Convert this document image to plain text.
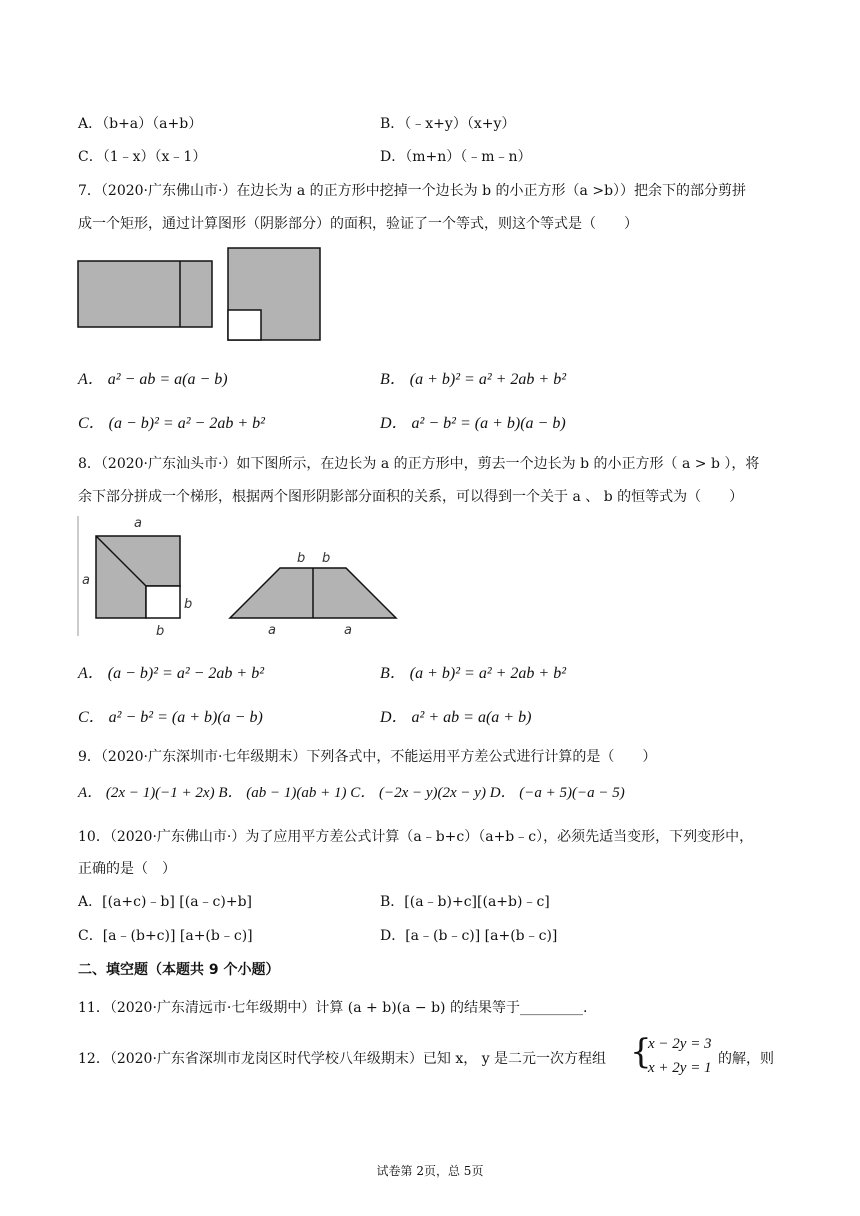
A．（b+a）（a+b）	B．（﹣x+y）（x+y）
C．（1﹣x）（x﹣1）	D．（m+n）（﹣m﹣n）
7．（2020·广东佛山市·）在边长为 a 的正方形中挖掉一个边长为 b 的小正方形（a >b））把余下的部分剪拼
成一个矩形，通过计算图形（阴影部分）的面积，验证了一个等式，则这个等式是（　　）
A． a² − ab = a(a − b)	B． (a + b)² = a² + 2ab + b²
C． (a − b)² = a² − 2ab + b²	D． a² − b² = (a + b)(a − b)
8．（2020·广东汕头市·）如下图所示，在边长为 a 的正方形中，剪去一个边长为 b 的小正方形（ a > b ），将
余下部分拼成一个梯形，根据两个图形阴影部分面积的关系，可以得到一个关于 a 、 b 的恒等式为（　　）
a
a
b
b
b b
a	a
A． (a − b)² = a² − 2ab + b²	B． (a + b)² = a² + 2ab + b²
C． a² − b² = (a + b)(a − b)	D． a² + ab = a(a + b)
9．（2020·广东深圳市·七年级期末）下列各式中，不能运用平方差公式进行计算的是（　　）
A． (2x − 1)(−1 + 2x) B． (ab − 1)(ab + 1) C． (−2x − y)(2x − y) D． (−a + 5)(−a − 5)
10．（2020·广东佛山市·）为了应用平方差公式计算（a﹣b+c）（a+b﹣c），必须先适当变形，下列变形中，
正确的是（　）
A．[(a+c)﹣b] [(a﹣c)+b]	B．[(a﹣b)+c][(a+b)﹣c]
C．[a﹣(b+c)] [a+(b﹣c)]	D．[a﹣(b﹣c)] [a+(b﹣c)]
二、填空题（本题共 9 个小题）
11．（2020·广东清远市·七年级期中）计算 (a + b)(a − b) 的结果等于_________.
12．（2020·广东省深圳市龙岗区时代学校八年级期末）已知 x， y 是二元一次方程组 {
x − 2y = 3
x + 2y = 1
的解，则
试卷第 2页，总 5页
